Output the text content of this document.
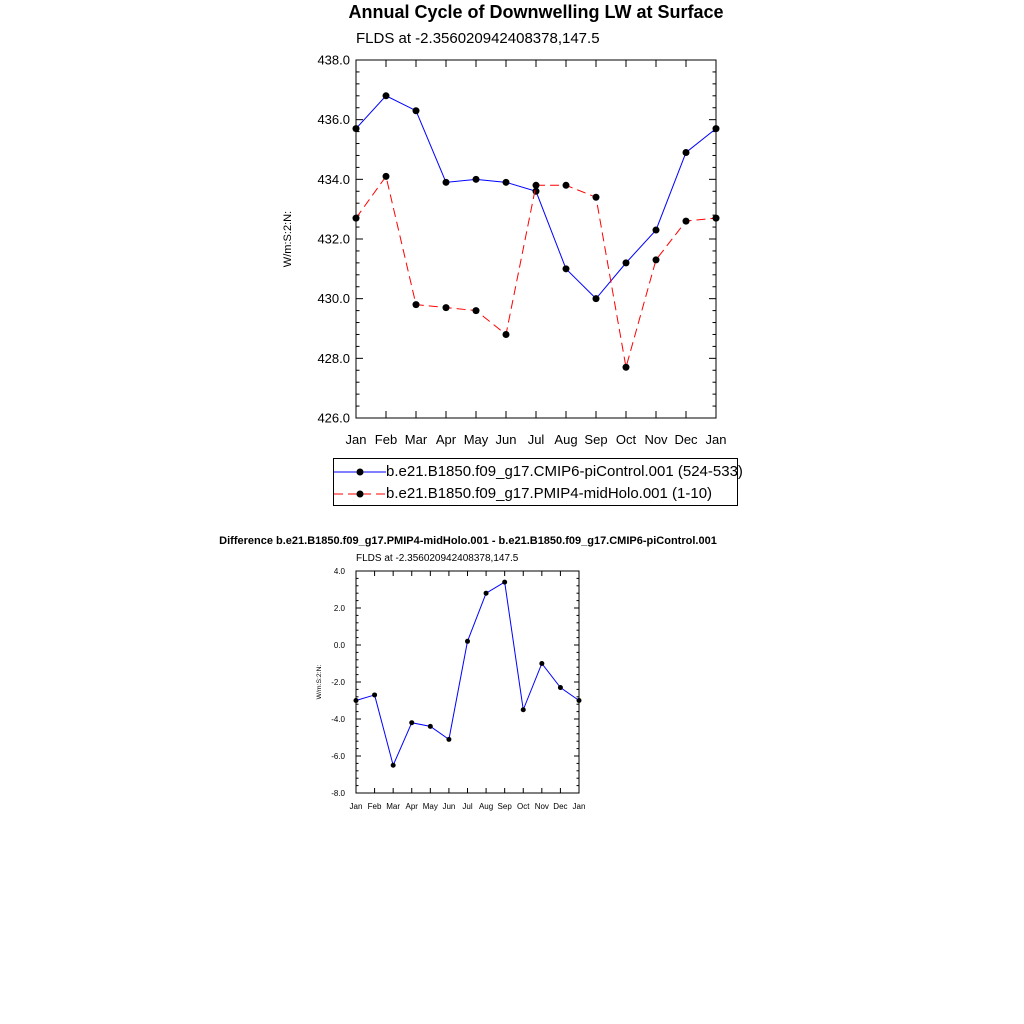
Annual Cycle of Downwelling LW at Surface
FLDS at -2.356020942408378,147.5
Jan Feb Mar Apr May Jun Jul Aug Sep Oct Nov Dec Jan
426.0
428.0
430.0
432.0
434.0
436.0
438.0
W/m:S:2:N:
Jan Feb Mar Apr May Jun Jul Aug Sep Oct Nov Dec Jan
-8.0
-6.0
-4.0
-2.0
0.0
2.0
4.0
W/m:S:2:N:
b.e21.B1850.f09_g17.CMIP6-piControl.001 (524-533)
b.e21.B1850.f09_g17.PMIP4-midHolo.001 (1-10)
Difference b.e21.B1850.f09_g17.PMIP4-midHolo.001 - b.e21.B1850.f09_g17.CMIP6-piControl.001
FLDS at -2.356020942408378,147.5
